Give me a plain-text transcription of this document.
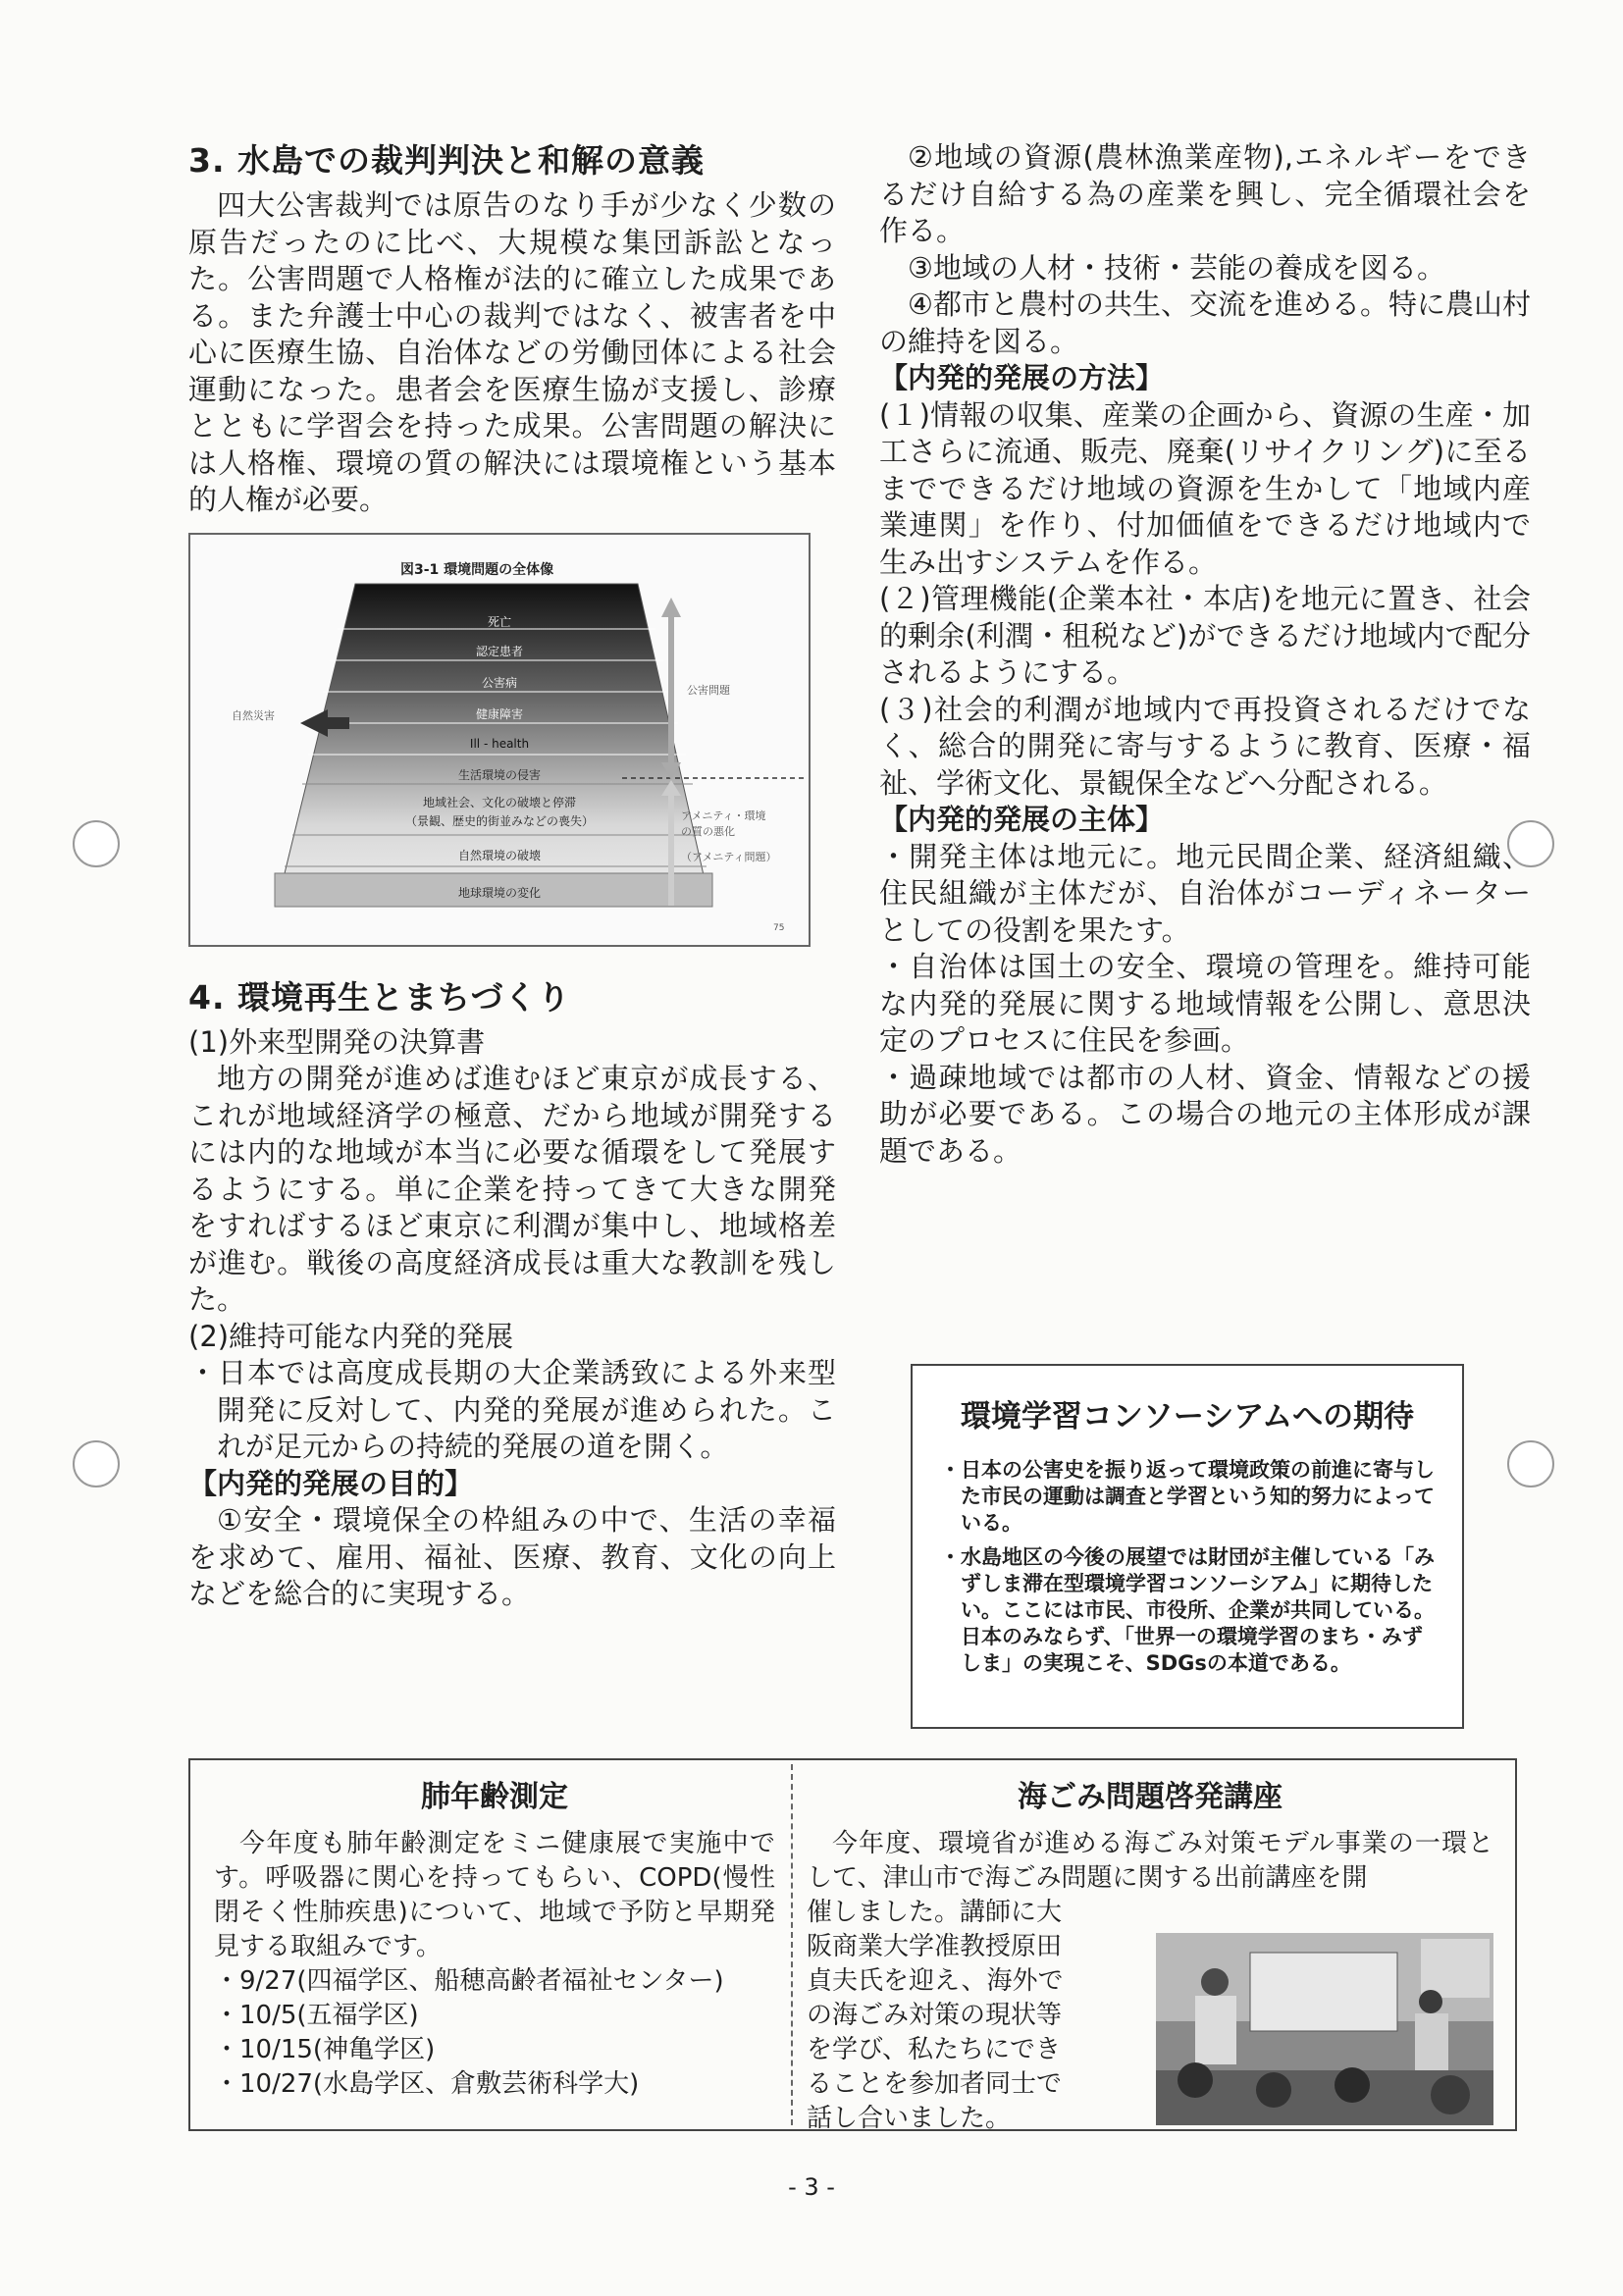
3. 水島での裁判判決と和解の意義

四大公害裁判では原告のなり手が少なく少数の原告だったのに比べ、大規模な集団訴訟となった。公害問題で人格権が法的に確立した成果である。また弁護士中心の裁判ではなく、被害者を中心に医療生協、自治体などの労働団体による社会運動になった。患者会を医療生協が支援し、診療とともに学習会を持った成果。公害問題の解決には人格権、環境の質の解決には環境権という基本的人権が必要。

図3-1 環境問題の全体像
死亡
認定患者
公害病
健康障害
Ill - health
生活環境の侵害
地域社会、文化の破壊と停滞
（景観、歴史的街並みなどの喪失）
自然環境の破壊
地球環境の変化
自然災害
公害問題
アメニティ・環境
の質の悪化
（アメニティ問題）
75
4. 環境再生とまちづくり

(1)外来型開発の決算書

地方の開発が進めば進むほど東京が成長する、これが地域経済学の極意、だから地域が開発するには内的な地域が本当に必要な循環をして発展するようにする。単に企業を持ってきて大きな開発をすればするほど東京に利潤が集中し、地域格差が進む。戦後の高度経済成長は重大な教訓を残した。

(2)維持可能な内発的発展

・日本では高度成長期の大企業誘致による外来型開発に反対して、内発的発展が進められた。これが足元からの持続的発展の道を開く。

【内発的発展の目的】

①安全・環境保全の枠組みの中で、生活の幸福を求めて、雇用、福祉、医療、教育、文化の向上などを総合的に実現する。

②地域の資源(農林漁業産物),エネルギーをできるだけ自給する為の産業を興し、完全循環社会を作る。

③地域の人材・技術・芸能の養成を図る。

④都市と農村の共生、交流を進める。特に農山村の維持を図る。

【内発的発展の方法】

(１)情報の収集、産業の企画から、資源の生産・加工さらに流通、販売、廃棄(リサイクリング)に至るまでできるだけ地域の資源を生かして「地域内産業連関」を作り、付加価値をできるだけ地域内で生み出すシステムを作る。

(２)管理機能(企業本社・本店)を地元に置き、社会的剰余(利潤・租税など)ができるだけ地域内で配分されるようにする。

(３)社会的利潤が地域内で再投資されるだけでなく、総合的開発に寄与するように教育、医療・福祉、学術文化、景観保全などへ分配される。

【内発的発展の主体】

・開発主体は地元に。地元民間企業、経済組織、住民組織が主体だが、自治体がコーディネーターとしての役割を果たす。

・自治体は国土の安全、環境の管理を。維持可能な内発的発展に関する地域情報を公開し、意思決定のプロセスに住民を参画。

・過疎地域では都市の人材、資金、情報などの援助が必要である。この場合の地元の主体形成が課題である。

環境学習コンソーシアムへの期待
・日本の公害史を振り返って環境政策の前進に寄与した市民の運動は調査と学習という知的努力によっている。
・水島地区の今後の展望では財団が主催している「みずしま滞在型環境学習コンソーシアム」に期待したい。ここには市民、市役所、企業が共同している。日本のみならず、「世界一の環境学習のまち・みずしま」の実現こそ、SDGsの本道である。
肺年齢測定

今年度も肺年齢測定をミニ健康展で実施中です。呼吸器に関心を持ってもらい、COPD(慢性閉そく性肺疾患)について、地域で予防と早期発見する取組みです。

・9/27(四福学区、船穂高齢者福祉センター)

・10/5(五福学区)

・10/15(神亀学区)

・10/27(水島学区、倉敷芸術科学大)

海ごみ問題啓発講座

今年度、環境省が進める海ごみ対策モデル事業の一環として、津山市で海ごみ問題に関する出前講座を開

催しました。講師に大

阪商業大学准教授原田

貞夫氏を迎え、海外で

の海ごみ対策の現状等

を学び、私たちにでき

ることを参加者同士で

話し合いました。

- 3 -
